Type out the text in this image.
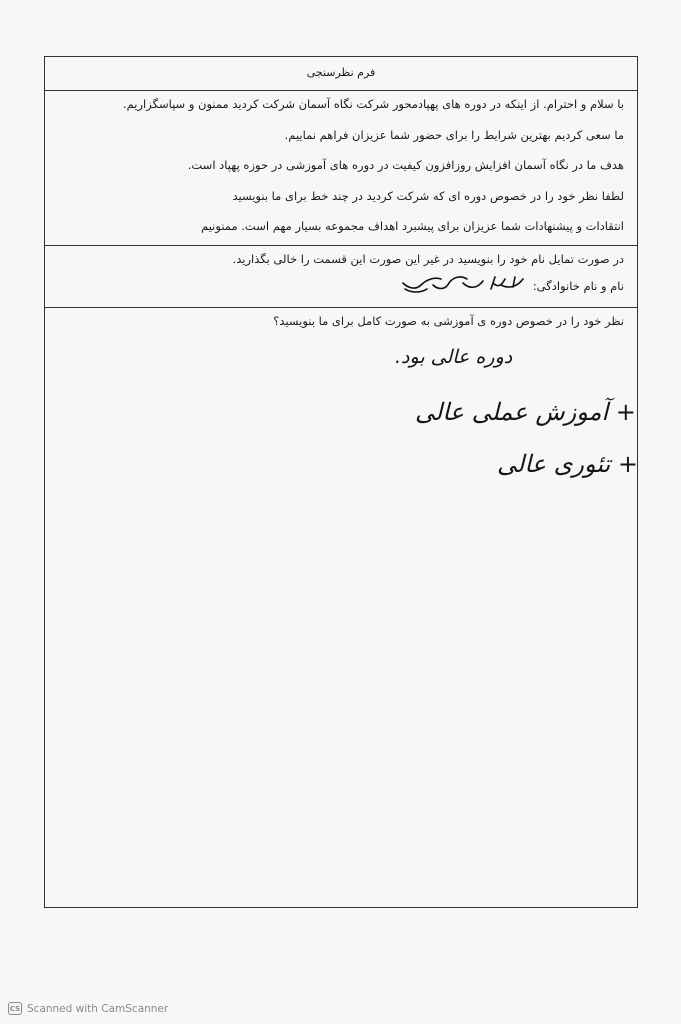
فرم نظرسنجی
با سلام و احترام. از اینکه در دوره های پهپادمحور شرکت نگاه آسمان شرکت کردید ممنون و سپاسگزاریم.
ما سعی کردیم بهترین شرایط را برای حضور شما عزیزان فراهم نماییم.
هدف ما در نگاه آسمان افزایش روزافزون کیفیت در دوره های آموزشی در حوزه پهپاد است.
لطفا نظر خود را در خصوص دوره ای که شرکت کردید در چند خط برای ما بنویسید
انتقادات و پیشنهادات شما عزیزان برای پیشبرد اهداف مجموعه بسیار مهم است. ممنونیم
در صورت تمایل نام خود را بنویسید در غیر این صورت این قسمت را خالی بگذارید.
نام و نام خانوادگی:
نظر خود را در خصوص دوره ی آموزشی به صورت کامل برای ما بنویسید؟
دوره عالی بود.
+ آموزش عملی عالی
+ تئوری عالی
CS Scanned with CamScanner
